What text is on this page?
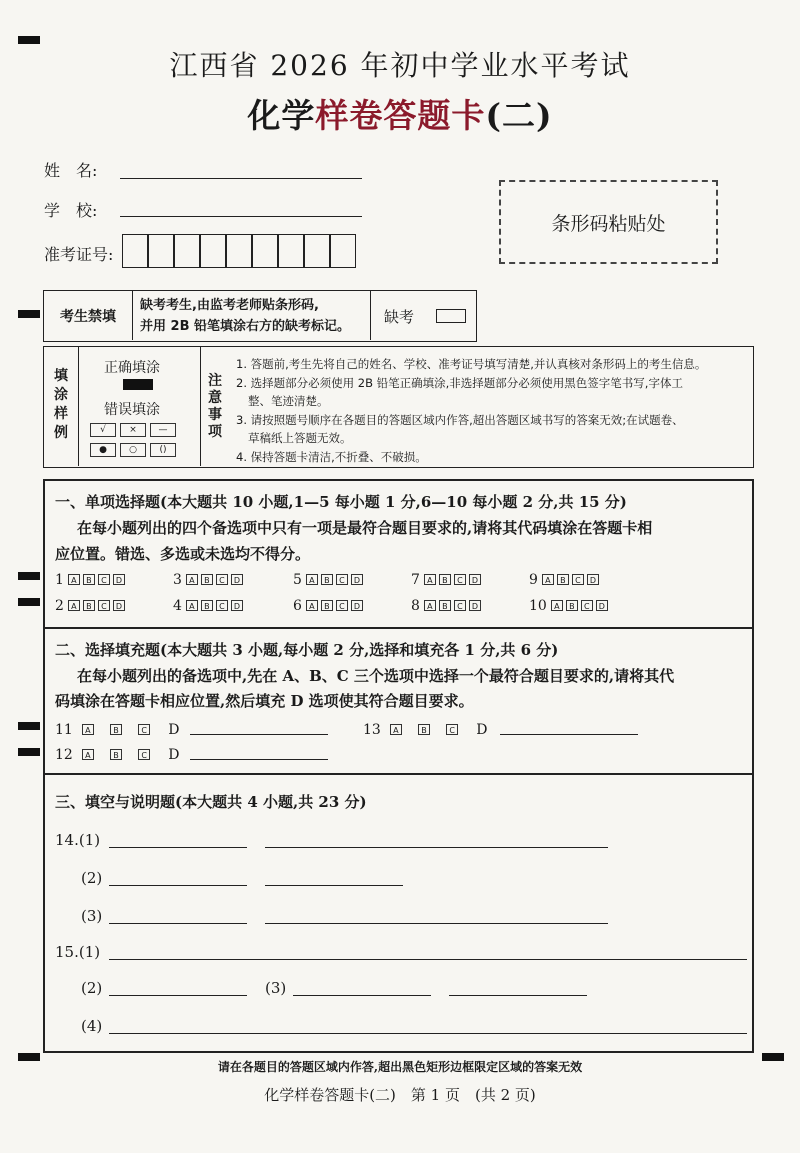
江西省 2026 年初中学业水平考试
化学样卷答题卡(二)
姓　名:
学　校:
准考证号:
条形码粘贴处
考生禁填
缺考考生,由监考老师贴条形码,
并用 2B 铅笔填涂右方的缺考标记。
缺考
填涂样例
正确填涂
错误填涂
√	×	—
●	○	()
注意事项
1. 答题前,考生先将自己的姓名、学校、准考证号填写清楚,并认真核对条形码上的考生信息。
2. 选择题部分必须使用 2B 铅笔正确填涂,非选择题部分必须使用黑色签字笔书写,字体工
整、笔迹清楚。
3. 请按照题号顺序在各题目的答题区域内作答,超出答题区域书写的答案无效;在试题卷、
草稿纸上答题无效。
4. 保持答题卡清洁,不折叠、不破损。
一、单项选择题(本大题共 10 小题,1—5 每小题 1 分,6—10 每小题 2 分,共 15 分)
在每小题列出的四个备选项中只有一项是最符合题目要求的,请将其代码填涂在答题卡相
应位置。错选、多选或未选均不得分。
1 A B C D	3 A B C D	5 A B C D	7 A B C D	9 A B C D
2 A B C D	4 A B C D	6 A B C D	8 A B C D	10 A B C D
二、选择填充题(本大题共 3 小题,每小题 2 分,选择和填充各 1 分,共 6 分)
在每小题列出的备选项中,先在 A、B、C 三个选项中选择一个最符合题目要求的,请将其代
码填涂在答题卡相应位置,然后填充 D 选项使其符合题目要求。
11 A	B	C D	13 A	B	C D
12 A	B	C D
三、填空与说明题(本大题共 4 小题,共 23 分)
14.(1)
(2)
(3)
15.(1)
(2)	(3)
(4)
请在各题目的答题区域内作答,超出黑色矩形边框限定区域的答案无效
化学样卷答题卡(二)　第 1 页　(共 2 页)
